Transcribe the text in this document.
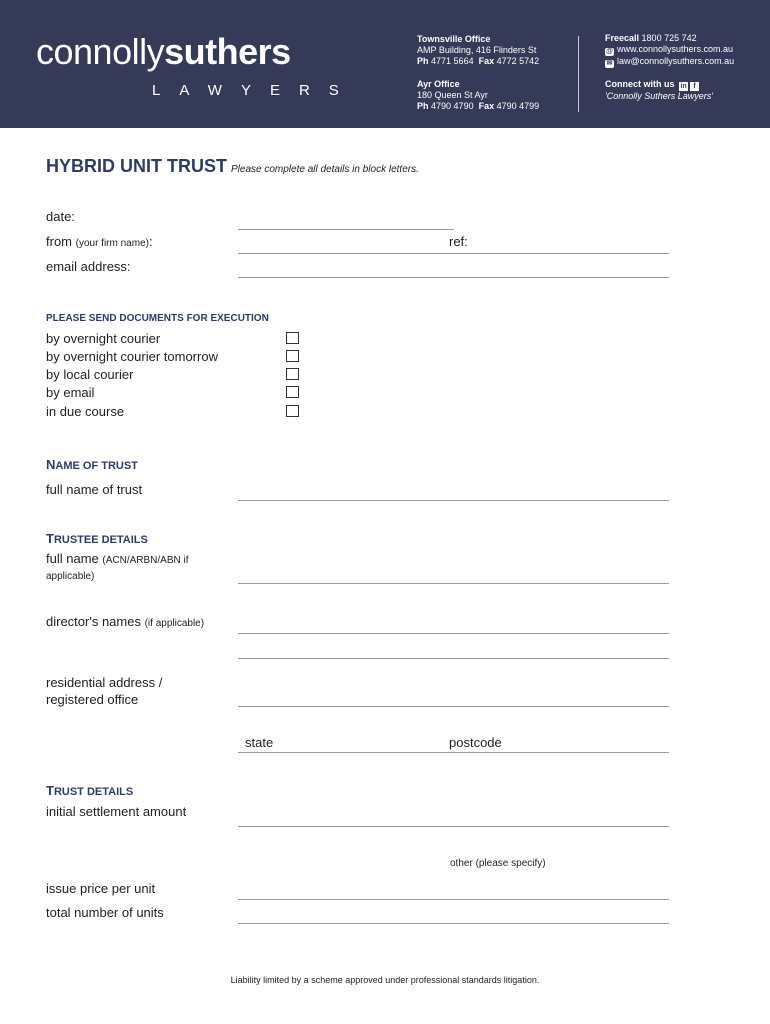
connollysuthers
LAWYERS
Townsville Office
AMP Building, 416 Flinders St
Ph 4771 5664 Fax 4772 5742
Ayr Office
180 Queen St Ayr
Ph 4790 4790 Fax 4790 4799
Freecall 1800 725 742
@ www.connollysuthers.com.au
✉ law@connollysuthers.com.au
Connect with us in f
'Connolly Suthers Lawyers'
HYBRID UNIT TRUST Please complete all details in block letters.
date:
from (your firm name):	ref:
email address:
PLEASE SEND DOCUMENTS FOR EXECUTION
by overnight courier
by overnight courier tomorrow
by local courier
by email
in due course
NAME OF TRUST
full name of trust
TRUSTEE DETAILS
full name (ACN/ARBN/ABN if
applicable)
director's names (if applicable)
residential address /
registered office
state	postcode
TRUST DETAILS
initial settlement amount
other (please specify)
issue price per unit
total number of units
Liability limited by a scheme approved under professional standards litigation.
